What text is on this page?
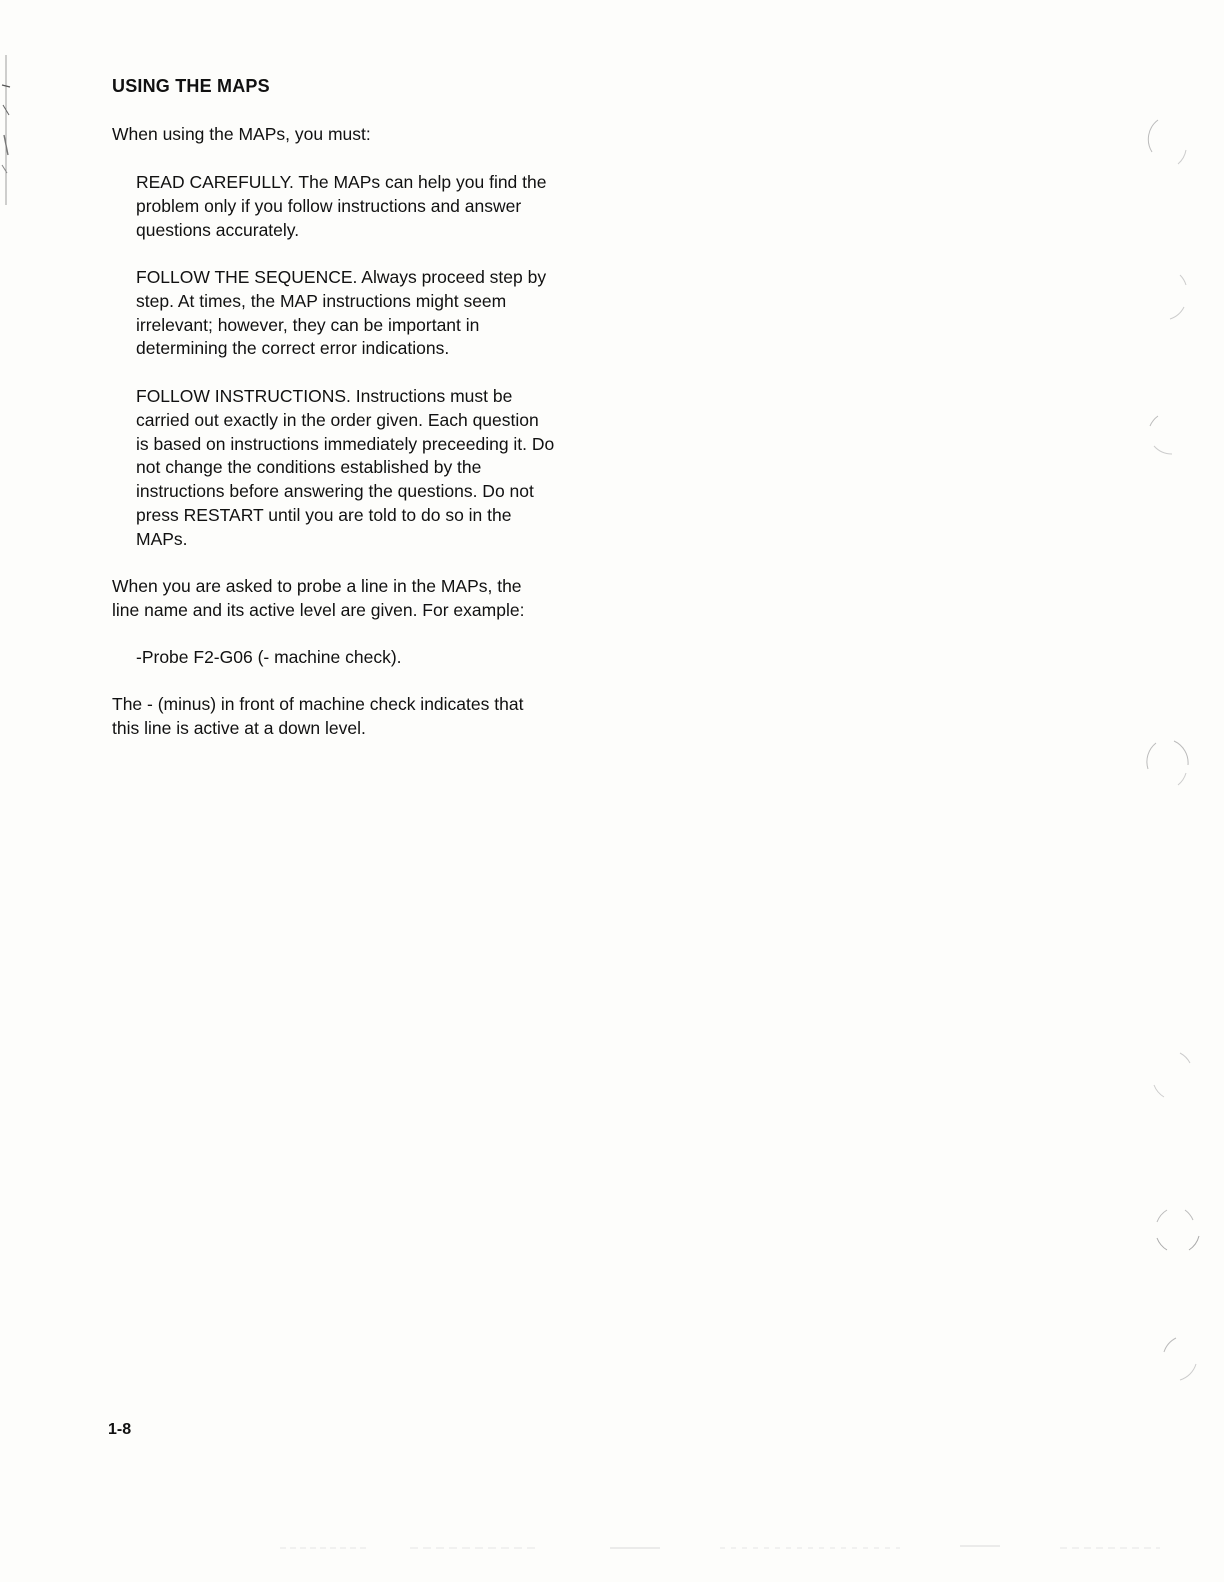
USING THE MAPS

When using the MAPs, you must:

READ CAREFULLY. The MAPs can help you find the
problem only if you follow instructions and answer
questions accurately.

FOLLOW THE SEQUENCE. Always proceed step by
step. At times, the MAP instructions might seem
irrelevant; however, they can be important in
determining the correct error indications.

FOLLOW INSTRUCTIONS. Instructions must be
carried out exactly in the order given. Each question
is based on instructions immediately preceeding it. Do
not change the conditions established by the
instructions before answering the questions. Do not
press RESTART until you are told to do so in the
MAPs.

When you are asked to probe a line in the MAPs, the
line name and its active level are given. For example:

-Probe F2-G06 (- machine check).

The - (minus) in front of machine check indicates that
this line is active at a down level.

1-8
